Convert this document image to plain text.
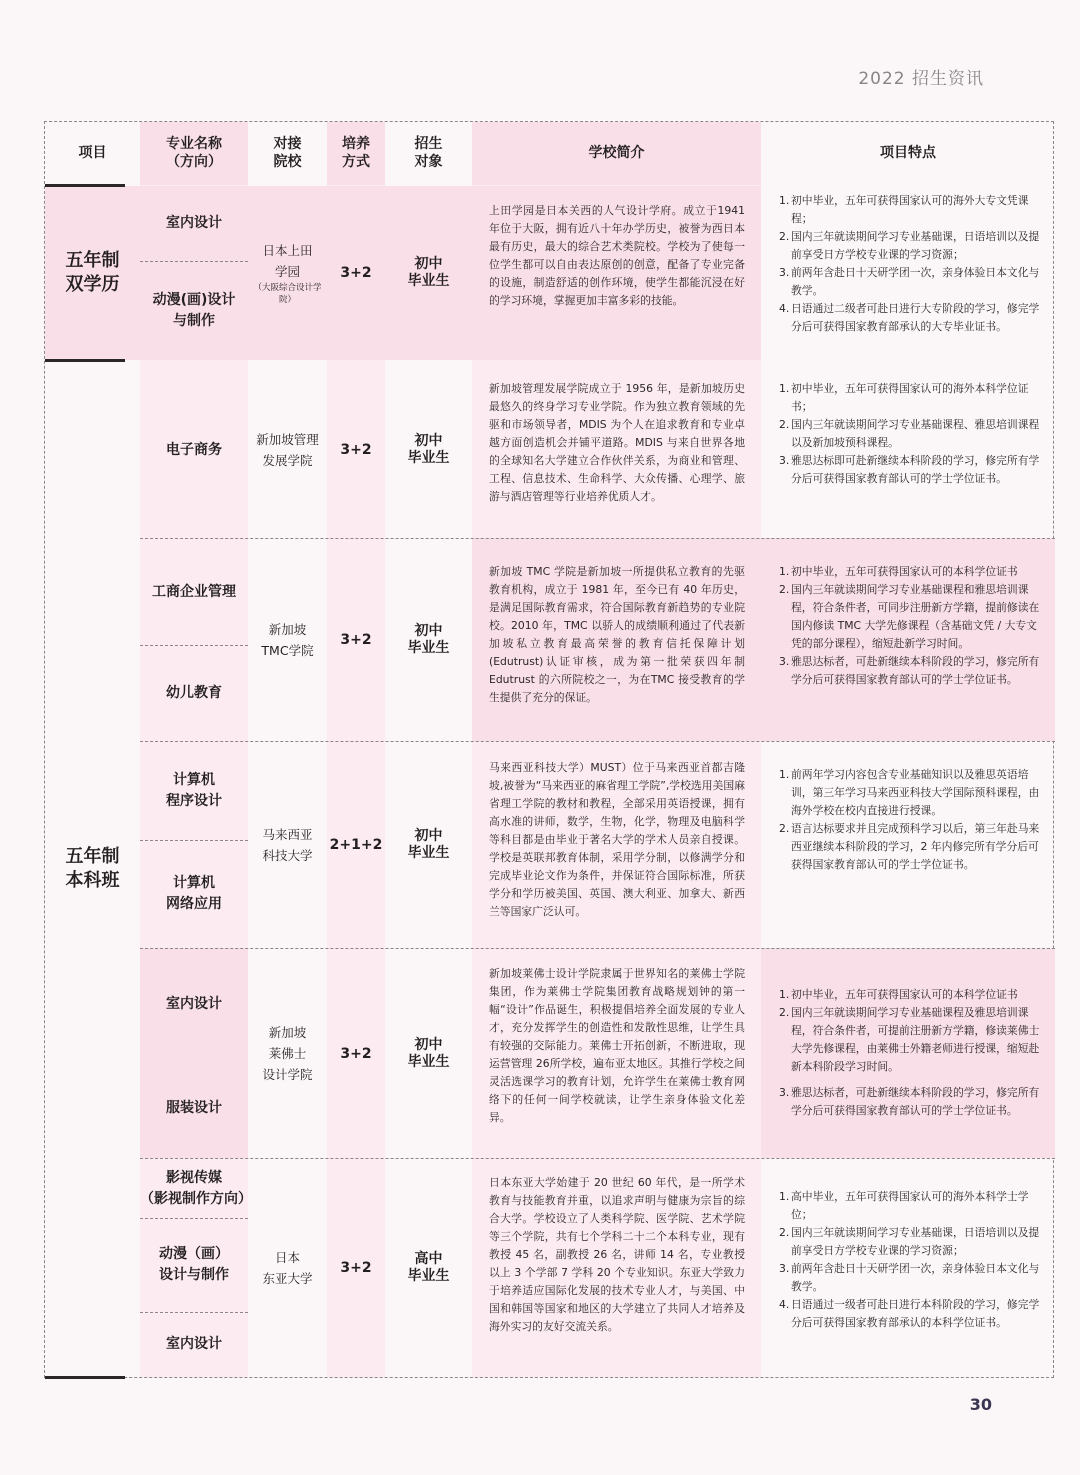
2022 招生资讯
项目
专业名称
（方向）
对接
院校
培养
方式
招生
对象
学校简介	项目特点
五年制
双学历
五年制
本科班
室内设计
动漫(画)设计
与制作
日本上田
学园
（大阪综合设计学院）
3+2
初中
毕业生
上田学园是日本关西的人气设计学府。成立于1941 年位于大阪，拥有近八十年办学历史，被誉为西日本最有历史，最大的综合艺术类院校。学校为了使每一位学生都可以自由表达原创的创意，配备了专业完备的设施，制造舒适的创作环境，使学生都能沉浸在好的学习环境，掌握更加丰富多彩的技能。
1. 初中毕业，五年可获得国家认可的海外大专文凭课程；
2. 国内三年就读期间学习专业基础课，日语培训以及提前享受日方学校专业课的学习资源；
3. 前两年含赴日十天研学团一次，亲身体验日本文化与教学。
4. 日语通过二级者可赴日进行大专阶段的学习，修完学分后可获得国家教育部承认的大专毕业证书。
电子商务
新加坡管理
发展学院
3+2
初中
毕业生
新加坡管理发展学院成立于 1956 年，是新加坡历史最悠久的终身学习专业学院。作为独立教育领域的先驱和市场领导者，MDIS 为个人在追求教育和专业卓越方面创造机会并铺平道路。MDIS 与来自世界各地的全球知名大学建立合作伙伴关系，为商业和管理、工程、信息技术、生命科学、大众传播、心理学、旅游与酒店管理等行业培养优质人才。
1. 初中毕业，五年可获得国家认可的海外本科学位证书；
2. 国内三年就读期间学习专业基础课程、雅思培训课程以及新加坡预科课程。
3. 雅思达标即可赴新继续本科阶段的学习，修完所有学分后可获得国家教育部认可的学士学位证书。
工商企业管理
幼儿教育
新加坡
TMC学院
3+2
初中
毕业生
新加坡 TMC 学院是新加坡一所提供私立教育的先驱教育机构，成立于 1981 年，至今已有 40 年历史，是满足国际教育需求，符合国际教育新趋势的专业院校。2010 年，TMC 以骄人的成绩顺利通过了代表新加坡私立教育最高荣誉的教育信托保障计划(Edutrust)认证审核，成为第一批荣获四年制 Edutrust 的六所院校之一，为在TMC 接受教育的学生提供了充分的保证。
1. 初中毕业，五年可获得国家认可的本科学位证书
2. 国内三年就读期间学习专业基础课程和雅思培训课程，符合条件者，可同步注册新方学籍，提前修读在国内修读 TMC 大学先修课程（含基础文凭 / 大专文凭的部分课程），缩短赴新学习时间。
3. 雅思达标者，可赴新继续本科阶段的学习，修完所有学分后可获得国家教育部认可的学士学位证书。
计算机
程序设计
计算机
网络应用
马来西亚
科技大学
2+1+2
初中
毕业生
马来西亚科技大学）MUST）位于马来西亚首都吉隆坡,被誉为“马来西亚的麻省理工学院”,学校选用美国麻省理工学院的教材和教程，全部采用英语授课，拥有高水准的讲师，数学，生物，化学，物理及电脑科学等科目都是由毕业于著名大学的学术人员亲自授课。学校是英联邦教育体制，采用学分制，以修满学分和完成毕业论文作为条件，并保证符合国际标准，所获学分和学历被美国、英国、澳大利亚、加拿大、新西兰等国家广泛认可。
1. 前两年学习内容包含专业基础知识以及雅思英语培训，第三年学习马来西亚科技大学国际预科课程，由海外学校在校内直接进行授课。
2. 语言达标要求并且完成预科学习以后，第三年赴马来西亚继续本科阶段的学习，2 年内修完所有学分后可获得国家教育部认可的学士学位证书。
室内设计
服装设计
新加坡
莱佛士
设计学院
3+2
初中
毕业生
新加坡莱佛士设计学院隶属于世界知名的莱佛士学院集团，作为莱佛士学院集团教育战略规划钟的第一幅“设计”作品诞生，积极提倡培养全面发展的专业人才，充分发挥学生的创造性和发散性思维，让学生具有较强的交际能力。莱佛士开拓创新，不断进取，现运营管理 26所学校，遍布亚太地区。其推行学校之间灵活选课学习的教育计划，允许学生在莱佛士教育网络下的任何一间学校就读，让学生亲身体验文化差异。
1. 初中毕业，五年可获得国家认可的本科学位证书
2. 国内三年就读期间学习专业基础课程及雅思培训课程，符合条件者，可提前注册新方学籍，修读莱佛士大学先修课程，由莱佛士外籍老师进行授课，缩短赴新本科阶段学习时间。
3. 雅思达标者，可赴新继续本科阶段的学习，修完所有学分后可获得国家教育部认可的学士学位证书。
影视传媒
（影视制作方向）
动漫（画）
设计与制作
室内设计
日本
东亚大学
3+2
高中
毕业生
日本东亚大学始建于 20 世纪 60 年代，是一所学术教育与技能教育并重，以追求声明与健康为宗旨的综合大学。学校设立了人类科学院、医学院、艺术学院等三个学院，共有七个学科二十二个本科专业，现有教授 45 名，副教授 26 名，讲师 14 名，专业教授以上 3 个学部 7 学科 20 个专业知识。东亚大学致力于培养适应国际化发展的技术专业人才，与美国、中国和韩国等国家和地区的大学建立了共同人才培养及海外实习的友好交流关系。
1. 高中毕业，五年可获得国家认可的海外本科学士学位；
2. 国内三年就读期间学习专业基础课，日语培训以及提前享受日方学校专业课的学习资源；
3. 前两年含赴日十天研学团一次，亲身体验日本文化与教学。
4. 日语通过一级者可赴日进行本科阶段的学习，修完学分后可获得国家教育部承认的本科学位证书。
30
